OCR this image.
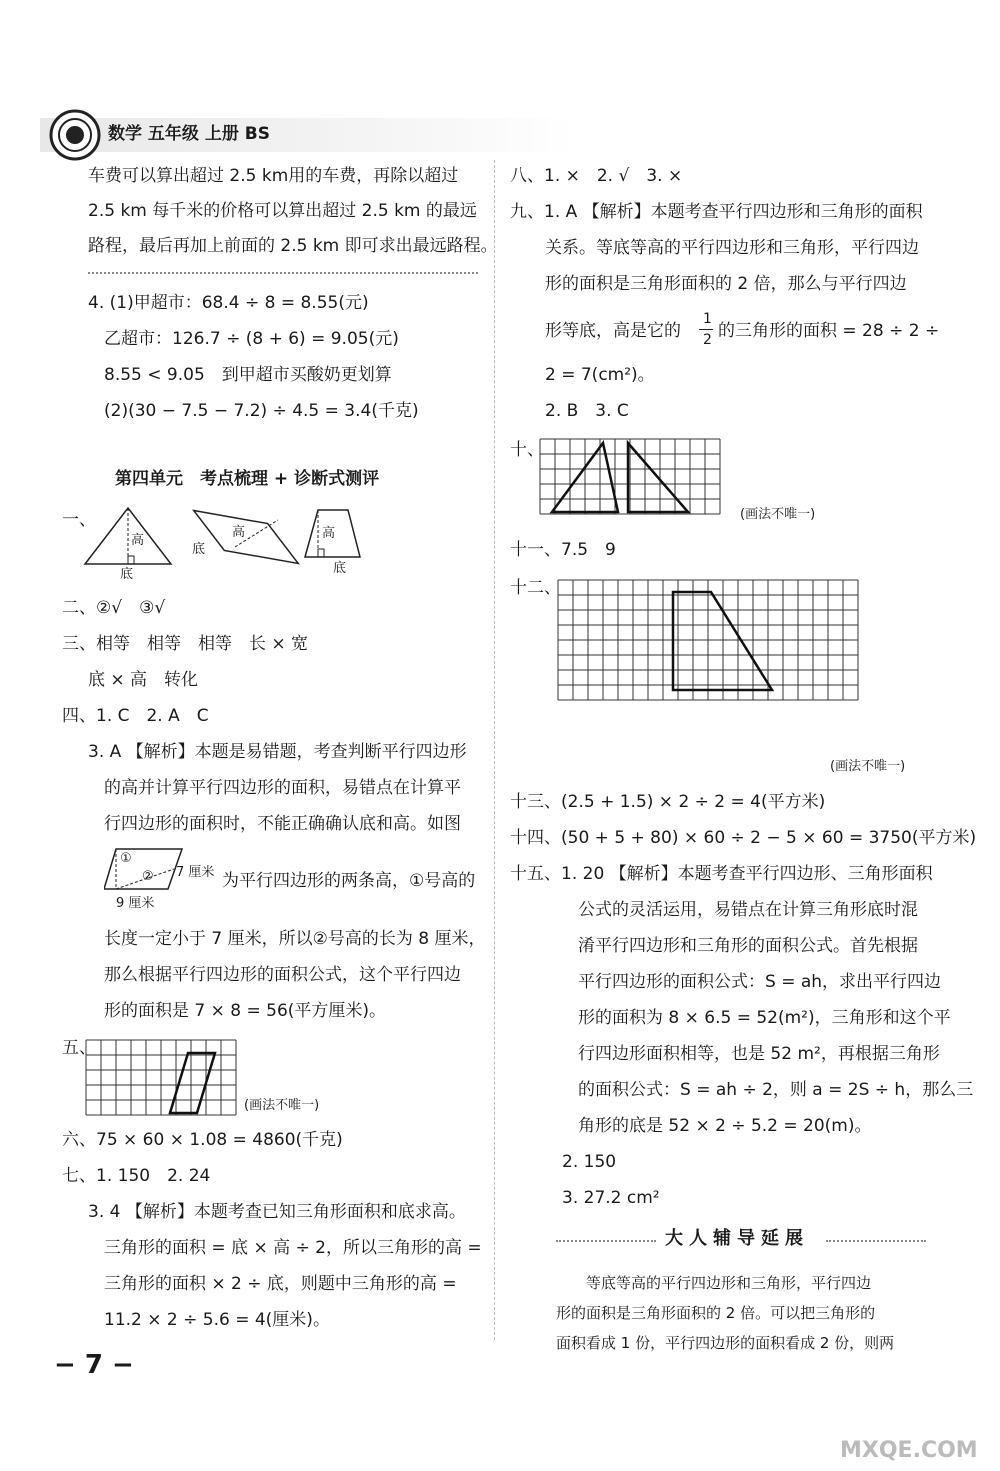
数学 五年级 上册 BS
车费可以算出超过 2.5 km用的车费，再除以超过
2.5 km 每千米的价格可以算出超过 2.5 km 的最远
路程，最后再加上前面的 2.5 km 即可求出最远路程。
4. (1)甲超市：68.4 ÷ 8 = 8.55(元)
乙超市：126.7 ÷ (8 + 6) = 9.05(元)
8.55 < 9.05　到甲超市买酸奶更划算
(2)(30 − 7.5 − 7.2) ÷ 4.5 = 3.4(千克)
第四单元　考点梳理 + 诊断式测评
一、
高
底
高
底
高
底
二、②√　③√
三、相等　相等　相等　长 × 宽
底 × 高　转化
四、1. C　2. A　C
3. A 【解析】本题是易错题，考查判断平行四边形
的高并计算平行四边形的面积，易错点在计算平
行四边形的面积时，不能正确确认底和高。如图
①
② 7 厘米
9 厘米
为平行四边形的两条高，①号高的
长度一定小于 7 厘米，所以②号高的长为 8 厘米，
那么根据平行四边形的面积公式，这个平行四边
形的面积是 7 × 8 = 56(平方厘米)。
五、
(画法不唯一)
六、75 × 60 × 1.08 = 4860(千克)
七、1. 150　2. 24
3. 4 【解析】本题考查已知三角形面积和底求高。
三角形的面积 = 底 × 高 ÷ 2，所以三角形的高 =
三角形的面积 × 2 ÷ 底，则题中三角形的高 =
11.2 × 2 ÷ 5.6 = 4(厘米)。
− 7 −
八、1. ×　2. √　3. ×
九、1. A 【解析】本题考查平行四边形和三角形的面积
关系。等底等高的平行四边形和三角形，平行四边
形的面积是三角形面积的 2 倍，那么与平行四边
形等底，高是它的
1
2 的三角形的面积 = 28 ÷ 2 ÷
2 = 7(cm²)。
2. B　3. C
十、
(画法不唯一)
十一、7.5　9
十二、
(画法不唯一)
十三、(2.5 + 1.5) × 2 ÷ 2 = 4(平方米)
十四、(50 + 5 + 80) × 60 ÷ 2 − 5 × 60 = 3750(平方米)
十五、1. 20 【解析】本题考查平行四边形、三角形面积
公式的灵活运用，易错点在计算三角形底时混
淆平行四边形和三角形的面积公式。首先根据
平行四边形的面积公式：S = ah，求出平行四边
形的面积为 8 × 6.5 = 52(m²)，三角形和这个平
行四边形面积相等，也是 52 m²，再根据三角形
的面积公式：S = ah ÷ 2，则 a = 2S ÷ h，那么三
角形的底是 52 × 2 ÷ 5.2 = 20(m)。
2. 150
3. 27.2 cm²
大人辅导延展
等底等高的平行四边形和三角形，平行四边
形的面积是三角形面积的 2 倍。可以把三角形的
面积看成 1 份，平行四边形的面积看成 2 份，则两
MXQE.COM
